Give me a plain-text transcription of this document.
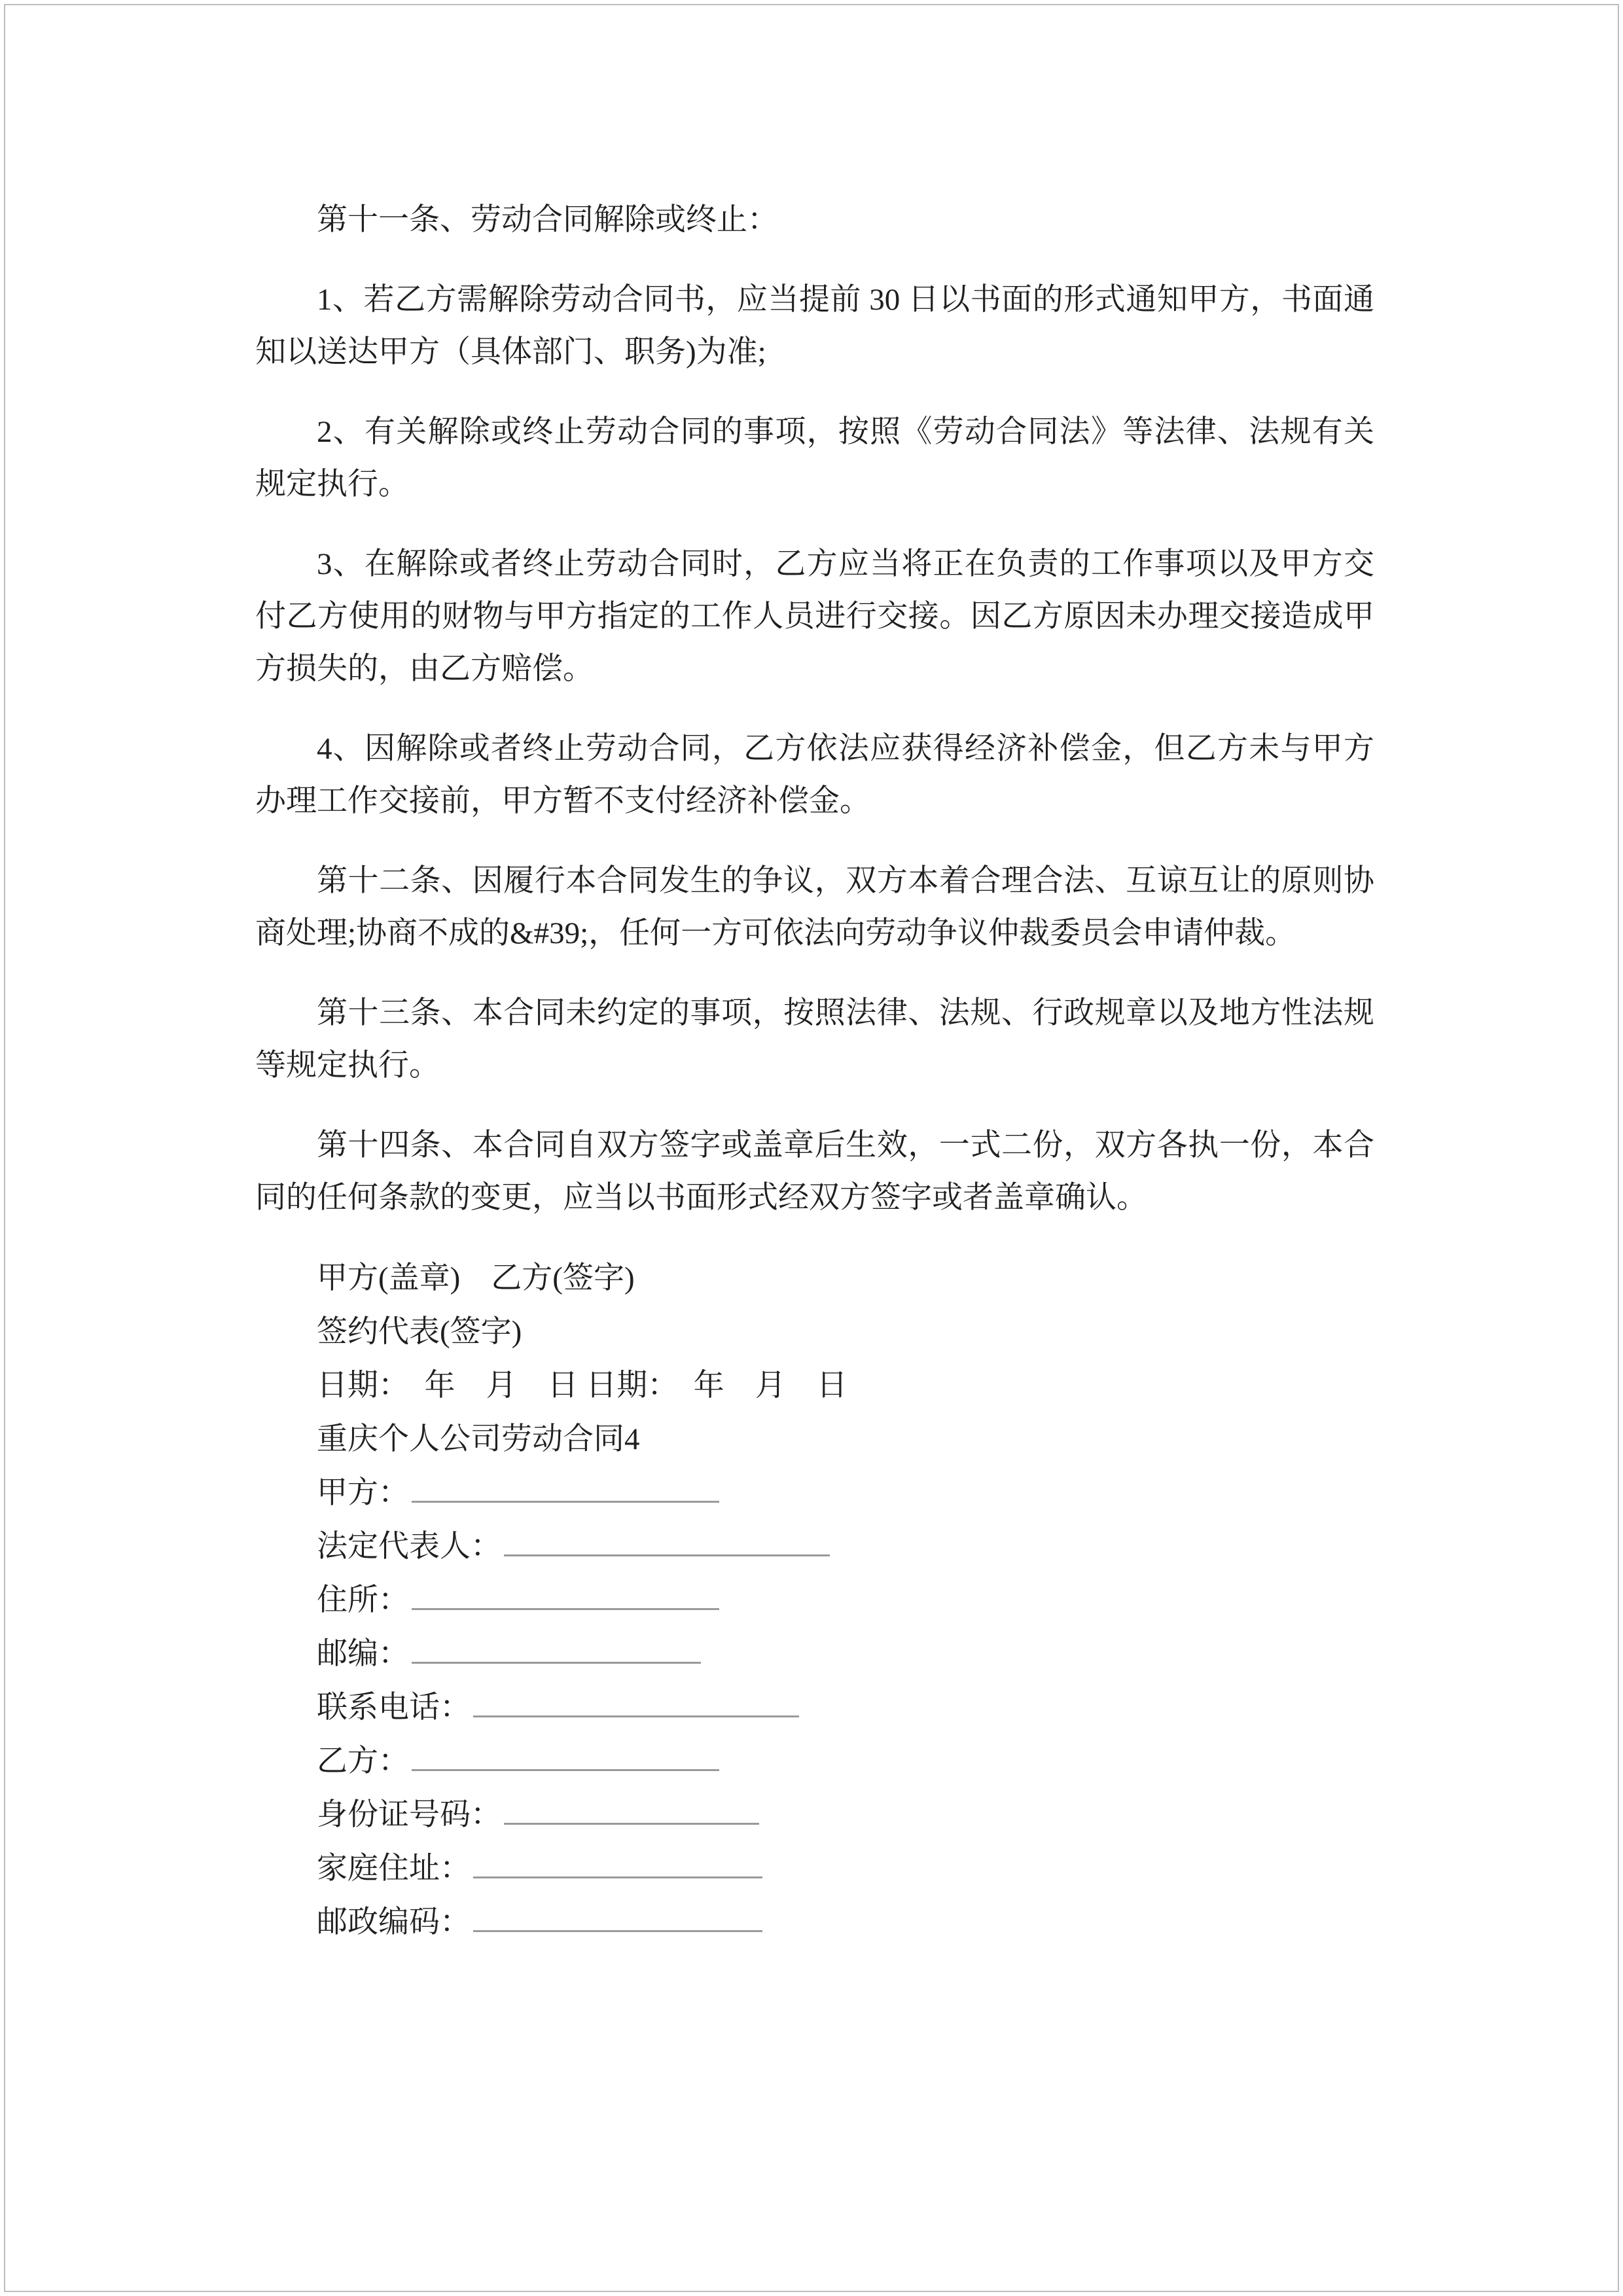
第十一条、劳动合同解除或终止：

1、若乙方需解除劳动合同书，应当提前 30 日以书面的形式通知甲方，书面通知以送达甲方（具体部门、职务)为准;

2、有关解除或终止劳动合同的事项，按照《劳动合同法》等法律、法规有关规定执行。

3、在解除或者终止劳动合同时，乙方应当将正在负责的工作事项以及甲方交付乙方使用的财物与甲方指定的工作人员进行交接。因乙方原因未办理交接造成甲方损失的，由乙方赔偿。

4、因解除或者终止劳动合同，乙方依法应获得经济补偿金，但乙方未与甲方办理工作交接前，甲方暂不支付经济补偿金。

第十二条、因履行本合同发生的争议，双方本着合理合法、互谅互让的原则协商处理;协商不成的&#39;，任何一方可依法向劳动争议仲裁委员会申请仲裁。

第十三条、本合同未约定的事项，按照法律、法规、行政规章以及地方性法规等规定执行。

第十四条、本合同自双方签字或盖章后生效，一式二份，双方各执一份，本合同的任何条款的变更，应当以书面形式经双方签字或者盖章确认。

甲方(盖章)　乙方(签字)

签约代表(签字)

日期：　年　月　日 日期：　年　月　日

重庆个人公司劳动合同4

甲方：

法定代表人：

住所：

邮编：

联系电话：

乙方：

身份证号码：

家庭住址：

邮政编码：
